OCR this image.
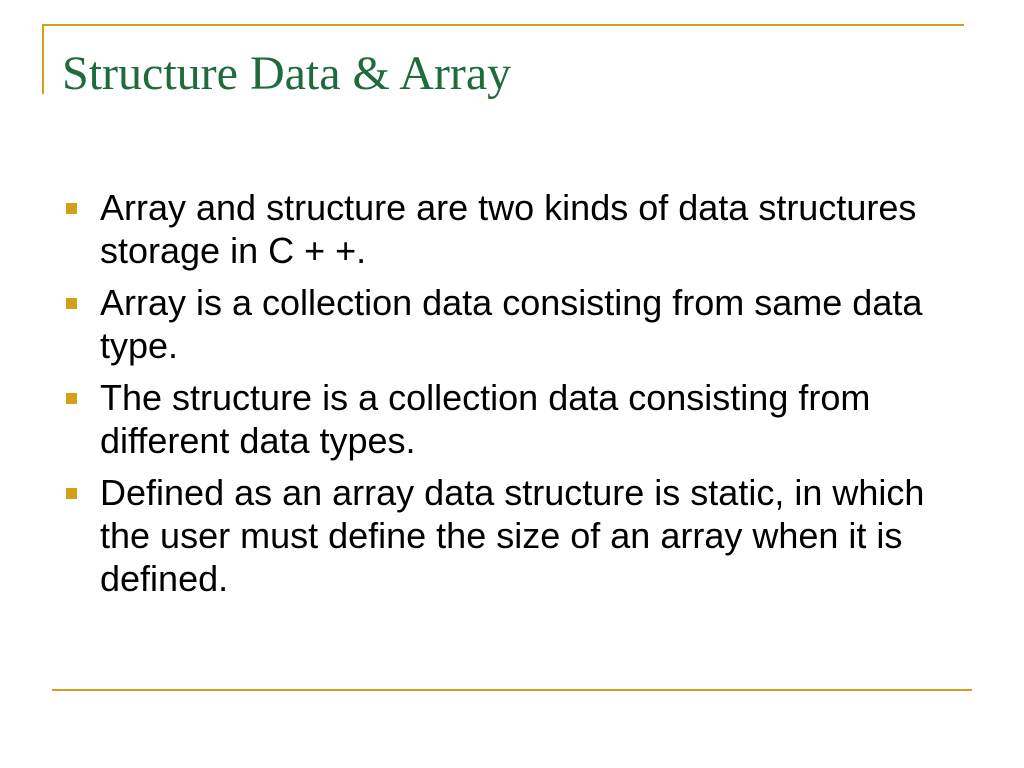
Structure Data & Array
Array and structure are two kinds of data structures storage in C + +.
Array is a collection data consisting from same data type.
The structure is a collection data consisting from different data types.
Defined as an array data structure is static, in which the user must define the size of an array when it is defined.
